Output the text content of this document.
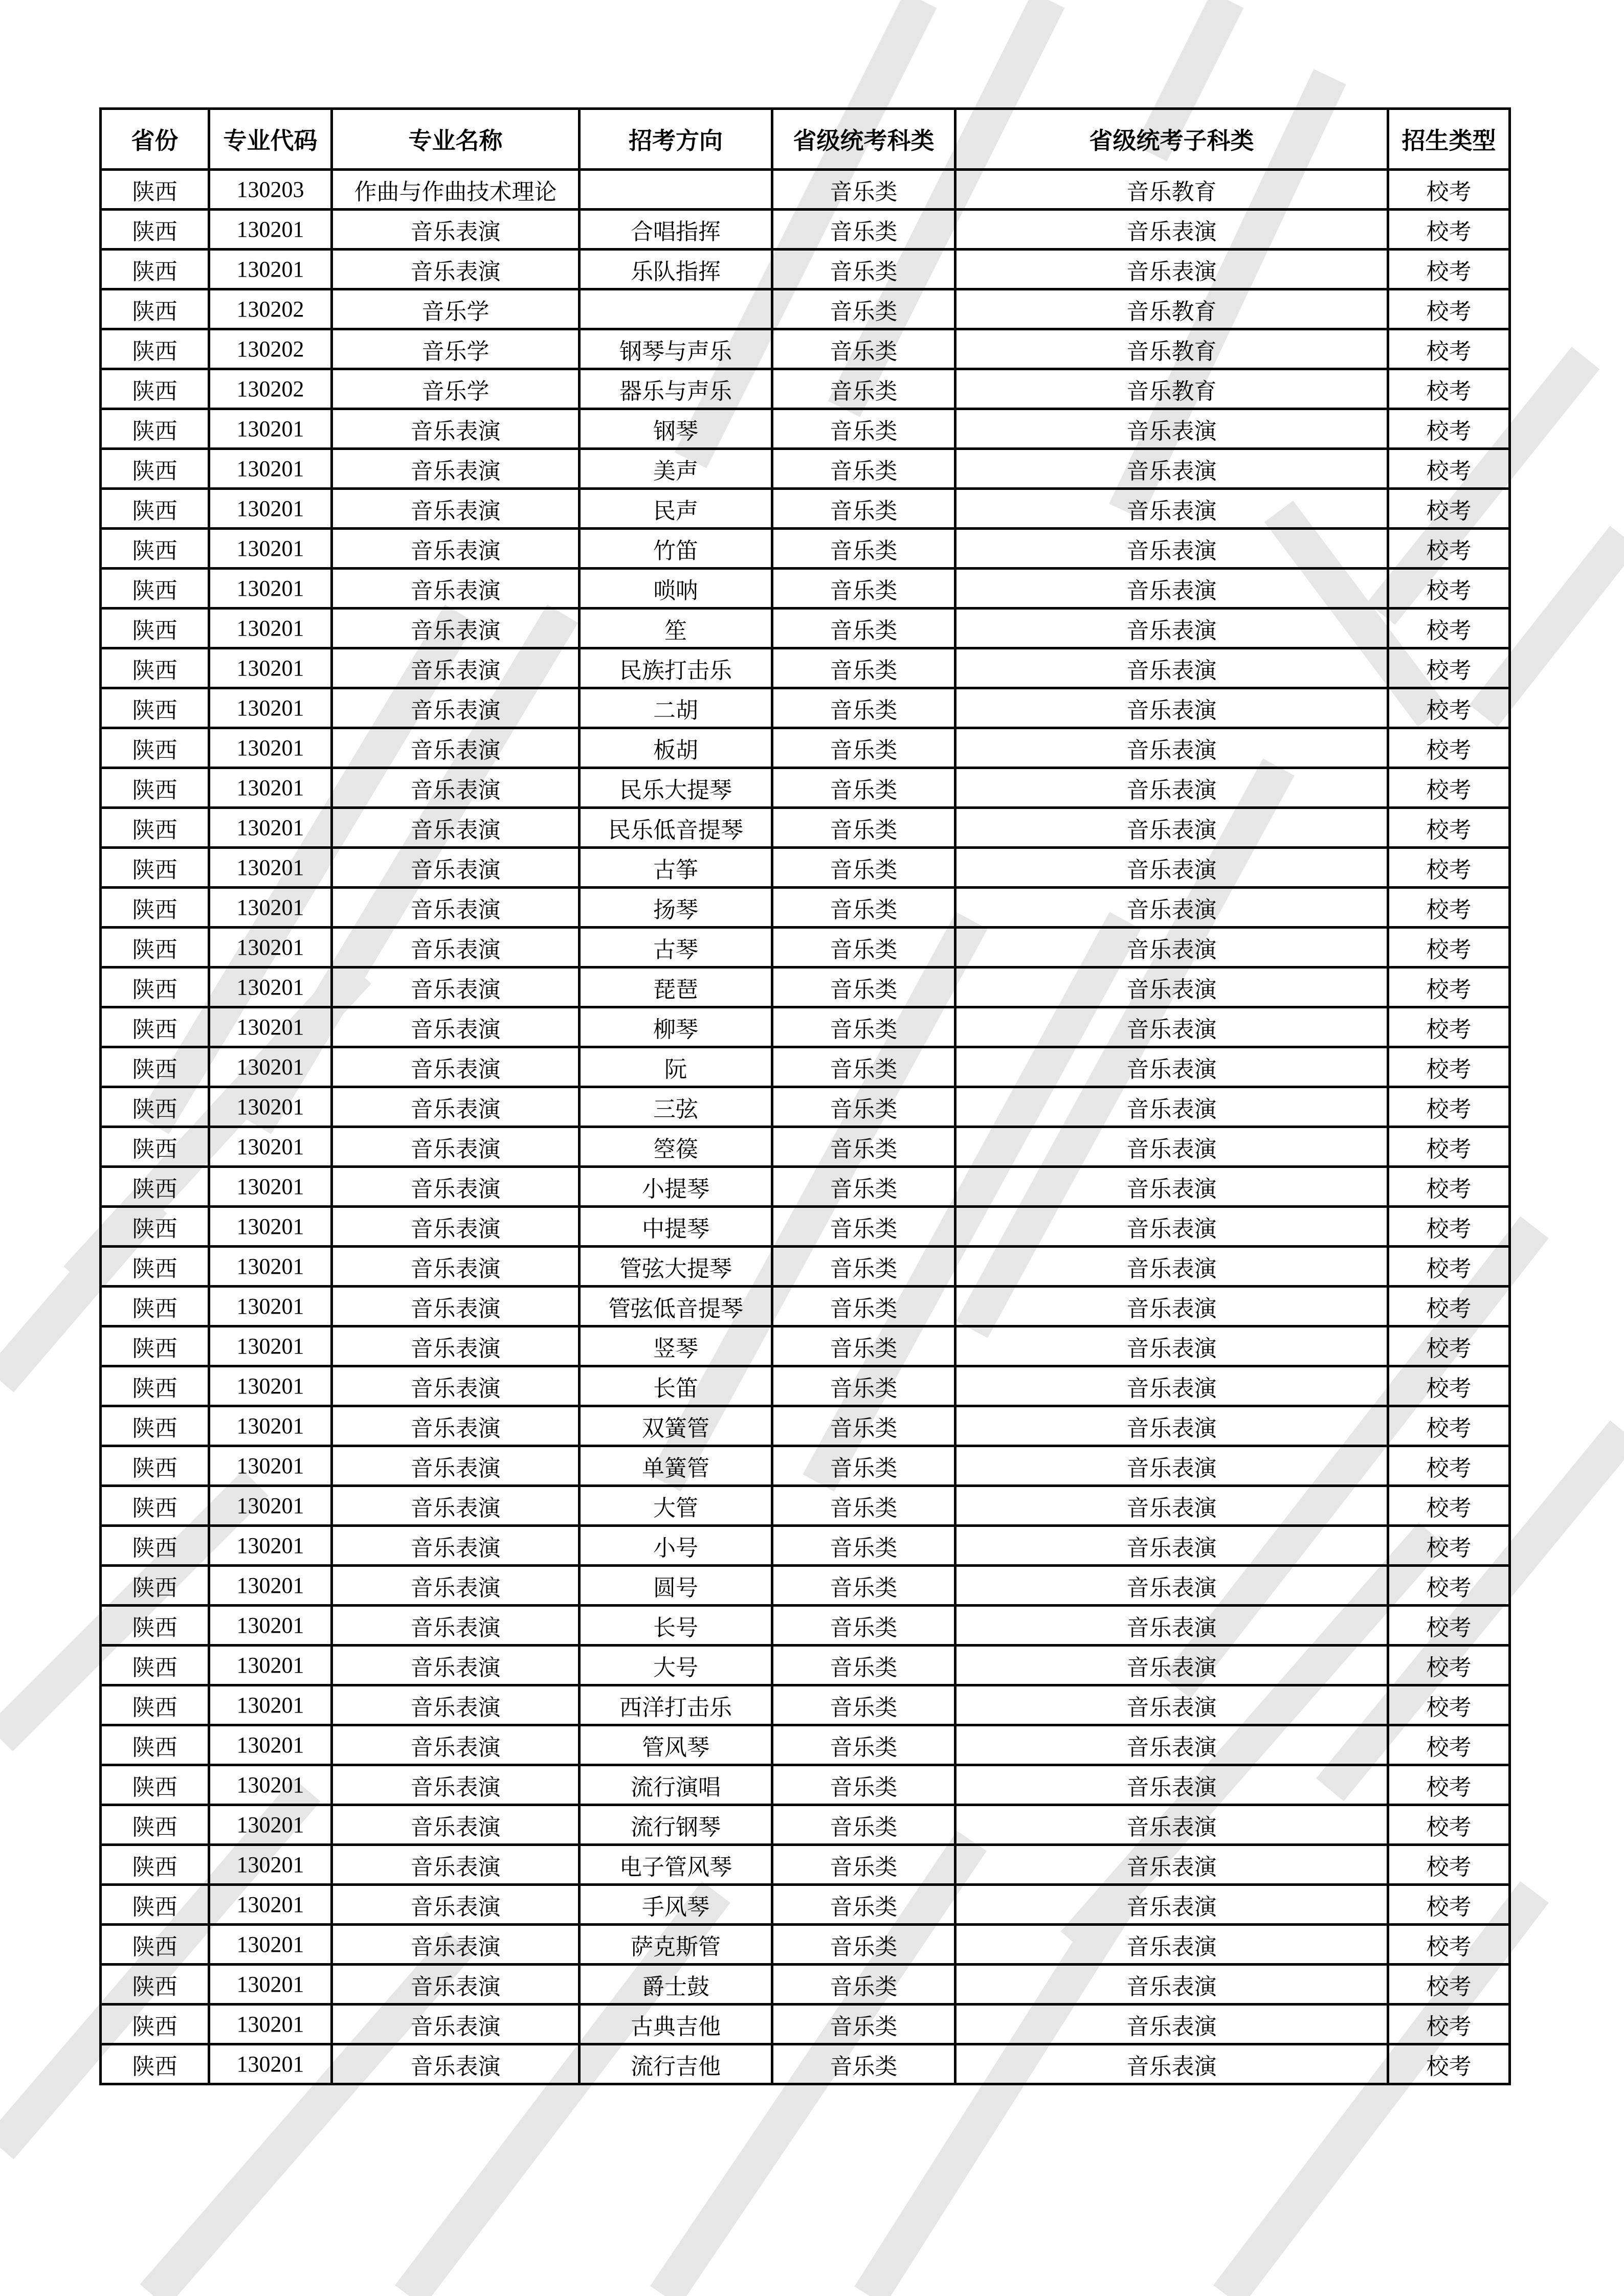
省份	专业代码	专业名称	招考方向	省级统考科类	省级统考子科类	招生类型
陕西	130203	作曲与作曲技术理论		音乐类	音乐教育	校考
陕西	130201	音乐表演	合唱指挥	音乐类	音乐表演	校考
陕西	130201	音乐表演	乐队指挥	音乐类	音乐表演	校考
陕西	130202	音乐学		音乐类	音乐教育	校考
陕西	130202	音乐学	钢琴与声乐	音乐类	音乐教育	校考
陕西	130202	音乐学	器乐与声乐	音乐类	音乐教育	校考
陕西	130201	音乐表演	钢琴	音乐类	音乐表演	校考
陕西	130201	音乐表演	美声	音乐类	音乐表演	校考
陕西	130201	音乐表演	民声	音乐类	音乐表演	校考
陕西	130201	音乐表演	竹笛	音乐类	音乐表演	校考
陕西	130201	音乐表演	唢呐	音乐类	音乐表演	校考
陕西	130201	音乐表演	笙	音乐类	音乐表演	校考
陕西	130201	音乐表演	民族打击乐	音乐类	音乐表演	校考
陕西	130201	音乐表演	二胡	音乐类	音乐表演	校考
陕西	130201	音乐表演	板胡	音乐类	音乐表演	校考
陕西	130201	音乐表演	民乐大提琴	音乐类	音乐表演	校考
陕西	130201	音乐表演	民乐低音提琴	音乐类	音乐表演	校考
陕西	130201	音乐表演	古筝	音乐类	音乐表演	校考
陕西	130201	音乐表演	扬琴	音乐类	音乐表演	校考
陕西	130201	音乐表演	古琴	音乐类	音乐表演	校考
陕西	130201	音乐表演	琵琶	音乐类	音乐表演	校考
陕西	130201	音乐表演	柳琴	音乐类	音乐表演	校考
陕西	130201	音乐表演	阮	音乐类	音乐表演	校考
陕西	130201	音乐表演	三弦	音乐类	音乐表演	校考
陕西	130201	音乐表演	箜篌	音乐类	音乐表演	校考
陕西	130201	音乐表演	小提琴	音乐类	音乐表演	校考
陕西	130201	音乐表演	中提琴	音乐类	音乐表演	校考
陕西	130201	音乐表演	管弦大提琴	音乐类	音乐表演	校考
陕西	130201	音乐表演	管弦低音提琴	音乐类	音乐表演	校考
陕西	130201	音乐表演	竖琴	音乐类	音乐表演	校考
陕西	130201	音乐表演	长笛	音乐类	音乐表演	校考
陕西	130201	音乐表演	双簧管	音乐类	音乐表演	校考
陕西	130201	音乐表演	单簧管	音乐类	音乐表演	校考
陕西	130201	音乐表演	大管	音乐类	音乐表演	校考
陕西	130201	音乐表演	小号	音乐类	音乐表演	校考
陕西	130201	音乐表演	圆号	音乐类	音乐表演	校考
陕西	130201	音乐表演	长号	音乐类	音乐表演	校考
陕西	130201	音乐表演	大号	音乐类	音乐表演	校考
陕西	130201	音乐表演	西洋打击乐	音乐类	音乐表演	校考
陕西	130201	音乐表演	管风琴	音乐类	音乐表演	校考
陕西	130201	音乐表演	流行演唱	音乐类	音乐表演	校考
陕西	130201	音乐表演	流行钢琴	音乐类	音乐表演	校考
陕西	130201	音乐表演	电子管风琴	音乐类	音乐表演	校考
陕西	130201	音乐表演	手风琴	音乐类	音乐表演	校考
陕西	130201	音乐表演	萨克斯管	音乐类	音乐表演	校考
陕西	130201	音乐表演	爵士鼓	音乐类	音乐表演	校考
陕西	130201	音乐表演	古典吉他	音乐类	音乐表演	校考
陕西	130201	音乐表演	流行吉他	音乐类	音乐表演	校考
